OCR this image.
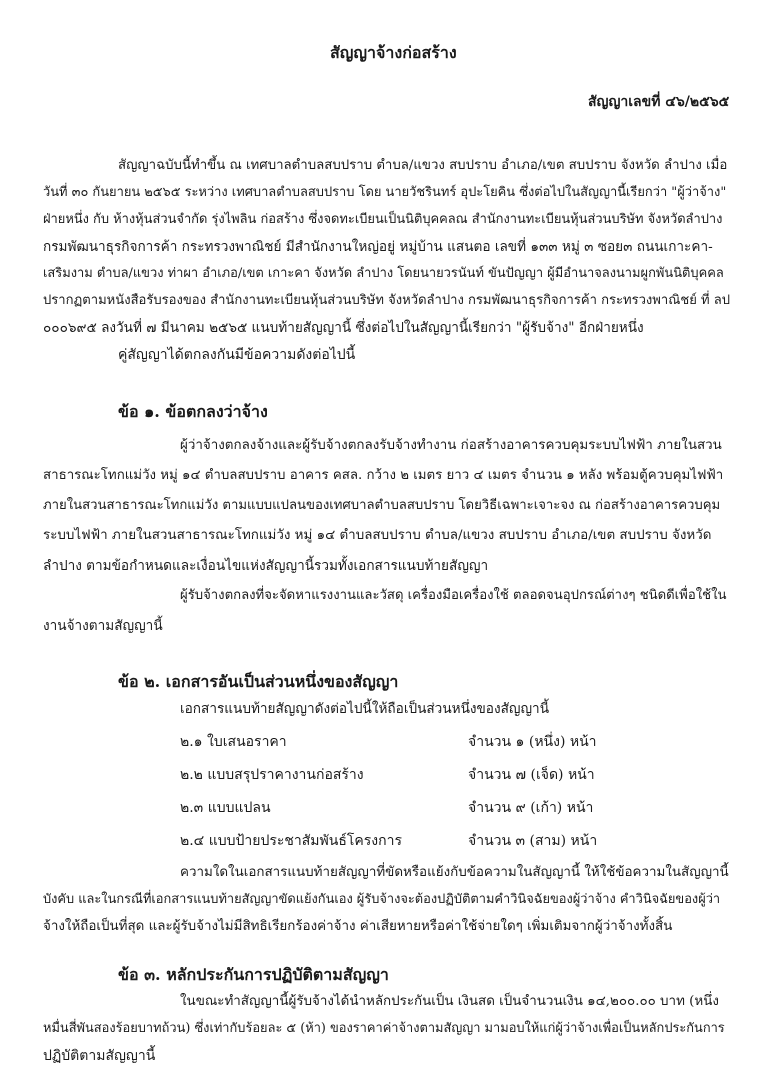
สัญญาจ้างก่อสร้าง
สัญญาเลขที่ ๔๖/๒๕๖๕
สัญญาฉบับนี้ทำขึ้น ณ เทศบาลตำบลสบปราบ ตำบล/แขวง สบปราบ อำเภอ/เขต สบปราบ จังหวัด ลำปาง เมื่อ
วันที่ ๓๐ กันยายน ๒๕๖๕ ระหว่าง เทศบาลตำบลสบปราบ โดย นายวัชรินทร์ อุปะโยคิน ซึ่งต่อไปในสัญญานี้เรียกว่า "ผู้ว่าจ้าง"
ฝ่ายหนึ่ง กับ ห้างหุ้นส่วนจำกัด รุ่งไพลิน ก่อสร้าง ซึ่งจดทะเบียนเป็นนิติบุคคลณ สำนักงานทะเบียนหุ้นส่วนบริษัท จังหวัดลำปาง
กรมพัฒนาธุรกิจการค้า กระทรวงพาณิชย์ มีสำนักงานใหญ่อยู่ หมู่บ้าน แสนตอ เลขที่ ๑๓๓ หมู่ ๓ ซอย๓ ถนนเกาะคา-
เสริมงาม ตำบล/แขวง ท่าผา อำเภอ/เขต เกาะคา จังหวัด ลำปาง โดยนายวรนันท์ ขันปัญญา ผู้มีอำนาจลงนามผูกพันนิติบุคคล
ปรากฏตามหนังสือรับรองของ สำนักงานทะเบียนหุ้นส่วนบริษัท จังหวัดลำปาง กรมพัฒนาธุรกิจการค้า กระทรวงพาณิชย์ ที่ ลป
๐๐๐๖๙๕ ลงวันที่ ๗ มีนาคม ๒๕๖๕ แนบท้ายสัญญานี้ ซึ่งต่อไปในสัญญานี้เรียกว่า "ผู้รับจ้าง" อีกฝ่ายหนึ่ง
คู่สัญญาได้ตกลงกันมีข้อความดังต่อไปนี้
ข้อ ๑. ข้อตกลงว่าจ้าง
ผู้ว่าจ้างตกลงจ้างและผู้รับจ้างตกลงรับจ้างทำงาน ก่อสร้างอาคารควบคุมระบบไฟฟ้า ภายในสวน
สาธารณะโทกแม่วัง หมู่ ๑๔ ตำบลสบปราบ อาคาร คสล. กว้าง ๒ เมตร ยาว ๔ เมตร จำนวน ๑ หลัง พร้อมตู้ควบคุมไฟฟ้า
ภายในสวนสาธารณะโทกแม่วัง ตามแบบแปลนของเทศบาลตำบลสบปราบ โดยวิธีเฉพาะเจาะจง ณ ก่อสร้างอาคารควบคุม
ระบบไฟฟ้า ภายในสวนสาธารณะโทกแม่วัง หมู่ ๑๔ ตำบลสบปราบ ตำบล/แขวง สบปราบ อำเภอ/เขต สบปราบ จังหวัด
ลำปาง ตามข้อกำหนดและเงื่อนไขแห่งสัญญานี้รวมทั้งเอกสารแนบท้ายสัญญา
ผู้รับจ้างตกลงที่จะจัดหาแรงงานและวัสดุ เครื่องมือเครื่องใช้ ตลอดจนอุปกรณ์ต่างๆ ชนิดดีเพื่อใช้ใน
งานจ้างตามสัญญานี้
ข้อ ๒. เอกสารอันเป็นส่วนหนึ่งของสัญญา
เอกสารแนบท้ายสัญญาดังต่อไปนี้ให้ถือเป็นส่วนหนึ่งของสัญญานี้
๒.๑ ใบเสนอราคา	จำนวน ๑ (หนึ่ง) หน้า
๒.๒ แบบสรุปราคางานก่อสร้าง	จำนวน ๗ (เจ็ด) หน้า
๒.๓ แบบแปลน	จำนวน ๙ (เก้า) หน้า
๒.๔ แบบป้ายประชาสัมพันธ์โครงการ	จำนวน ๓ (สาม) หน้า
ความใดในเอกสารแนบท้ายสัญญาที่ขัดหรือแย้งกับข้อความในสัญญานี้ ให้ใช้ข้อความในสัญญานี้
บังคับ และในกรณีที่เอกสารแนบท้ายสัญญาขัดแย้งกันเอง ผู้รับจ้างจะต้องปฏิบัติตามคำวินิจฉัยของผู้ว่าจ้าง คำวินิจฉัยของผู้ว่า
จ้างให้ถือเป็นที่สุด และผู้รับจ้างไม่มีสิทธิเรียกร้องค่าจ้าง ค่าเสียหายหรือค่าใช้จ่ายใดๆ เพิ่มเติมจากผู้ว่าจ้างทั้งสิ้น
ข้อ ๓. หลักประกันการปฏิบัติตามสัญญา
ในขณะทำสัญญานี้ผู้รับจ้างได้นำหลักประกันเป็น เงินสด เป็นจำนวนเงิน ๑๔,๒๐๐.๐๐ บาท (หนึ่ง
หมื่นสี่พันสองร้อยบาทถ้วน) ซึ่งเท่ากับร้อยละ ๕ (ห้า) ของราคาค่าจ้างตามสัญญา มามอบให้แก่ผู้ว่าจ้างเพื่อเป็นหลักประกันการ
ปฏิบัติตามสัญญานี้
